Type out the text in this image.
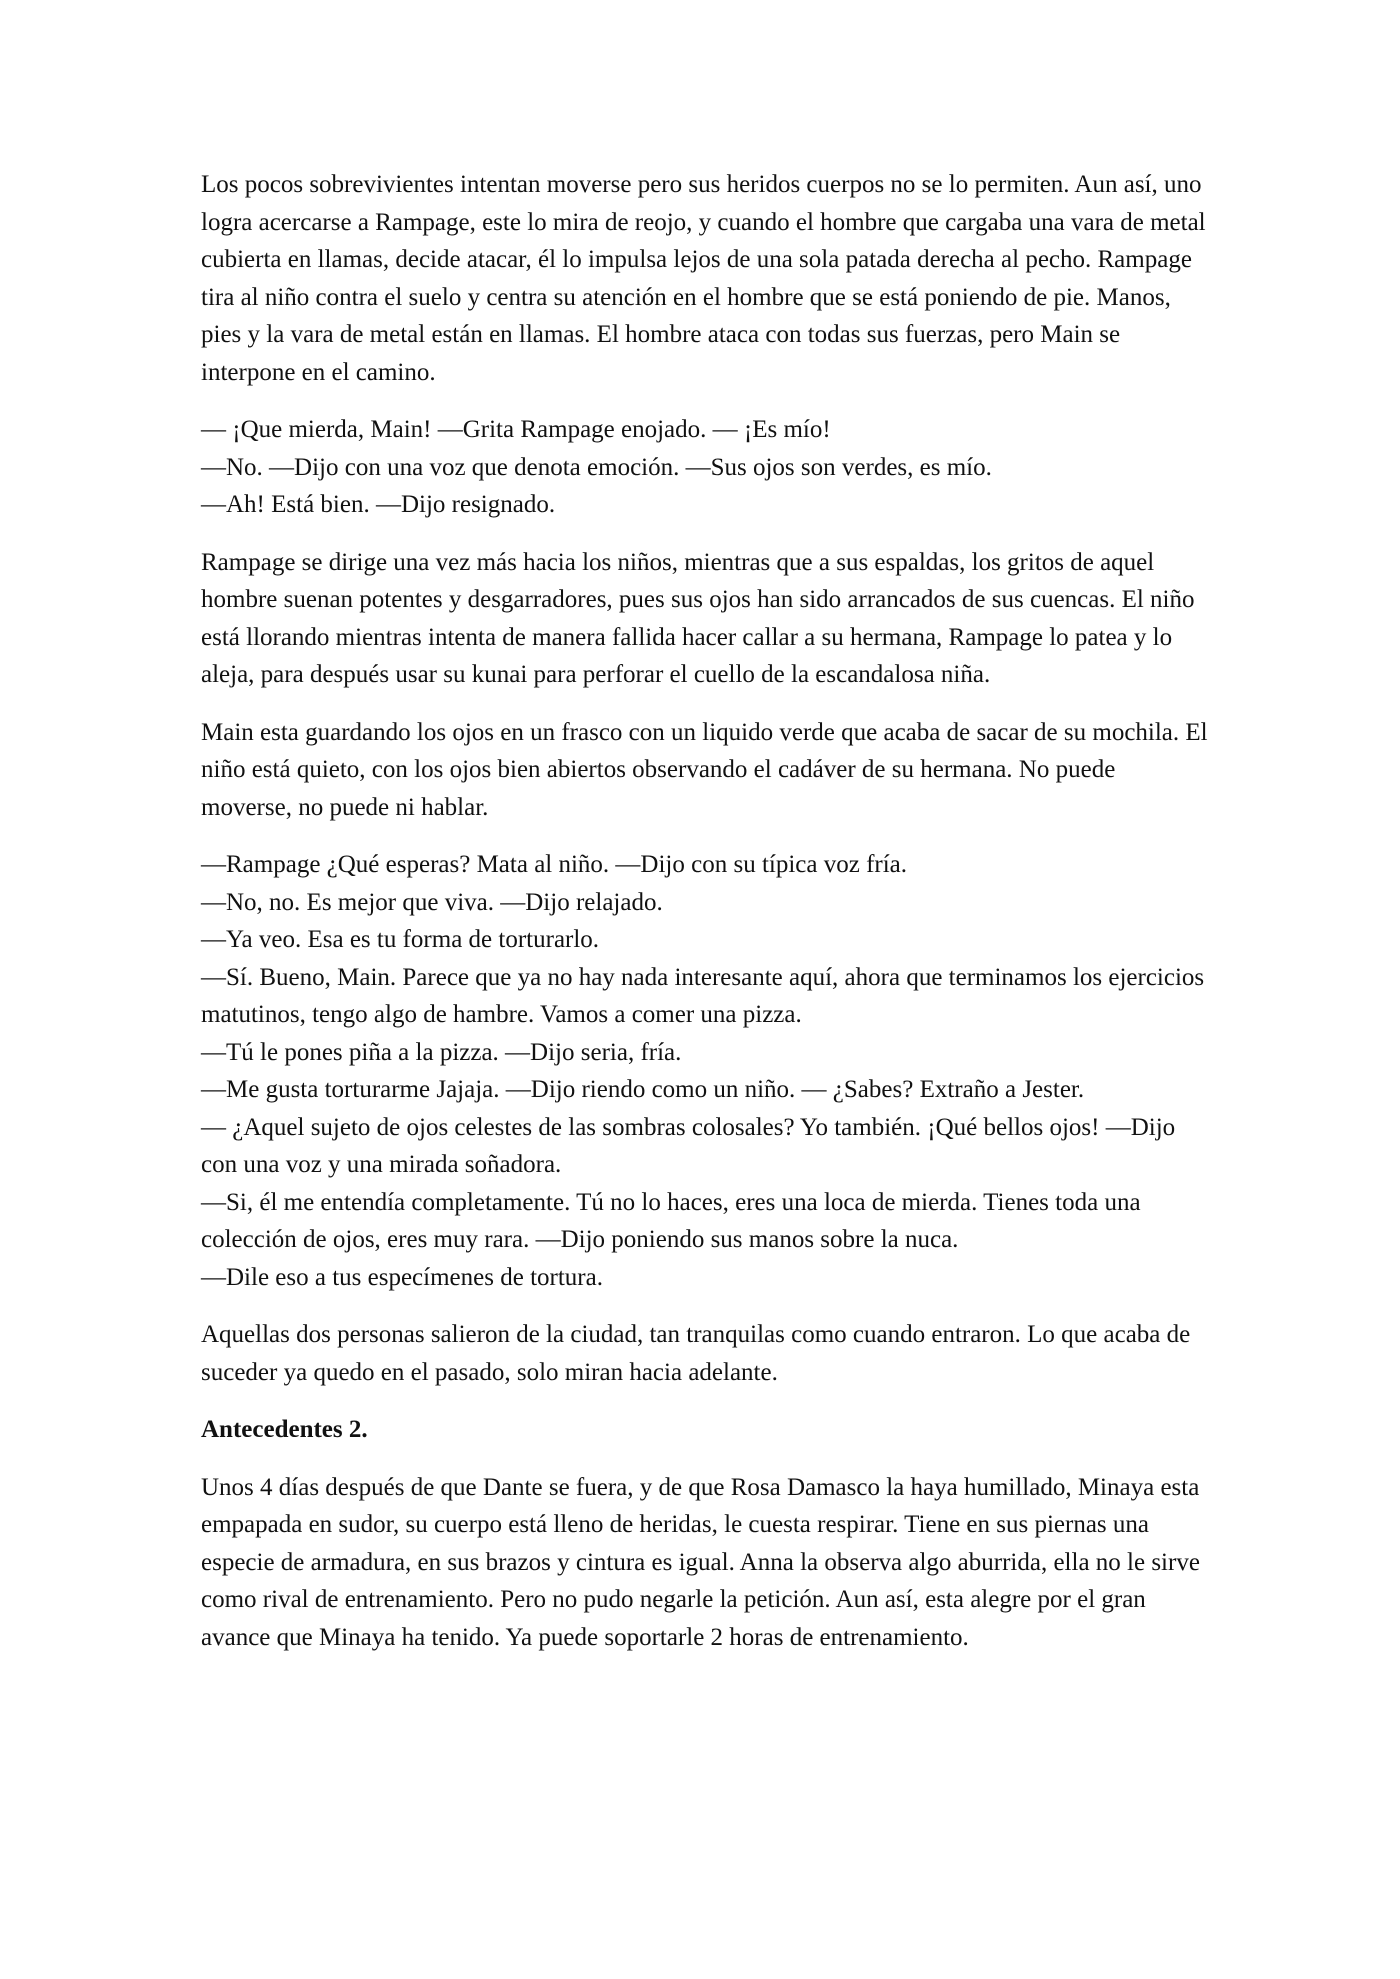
Los pocos sobrevivientes intentan moverse pero sus heridos cuerpos no se lo permiten. Aun así, uno logra acercarse a Rampage, este lo mira de reojo, y cuando el hombre que cargaba una vara de metal cubierta en llamas, decide atacar, él lo impulsa lejos de una sola patada derecha al pecho. Rampage tira al niño contra el suelo y centra su atención en el hombre que se está poniendo de pie. Manos, pies y la vara de metal están en llamas. El hombre ataca con todas sus fuerzas, pero Main se interpone en el camino.

— ¡Que mierda, Main! —Grita Rampage enojado. — ¡Es mío!
—No. —Dijo con una voz que denota emoción. —Sus ojos son verdes, es mío.
—Ah! Está bien. —Dijo resignado.

Rampage se dirige una vez más hacia los niños, mientras que a sus espaldas, los gritos de aquel hombre suenan potentes y desgarradores, pues sus ojos han sido arrancados de sus cuencas. El niño está llorando mientras intenta de manera fallida hacer callar a su hermana, Rampage lo patea y lo aleja, para después usar su kunai para perforar el cuello de la escandalosa niña.

Main esta guardando los ojos en un frasco con un liquido verde que acaba de sacar de su mochila. El niño está quieto, con los ojos bien abiertos observando el cadáver de su hermana. No puede moverse, no puede ni hablar.

—Rampage ¿Qué esperas? Mata al niño. —Dijo con su típica voz fría.
—No, no. Es mejor que viva. —Dijo relajado.
—Ya veo. Esa es tu forma de torturarlo.
—Sí. Bueno, Main. Parece que ya no hay nada interesante aquí, ahora que terminamos los ejercicios matutinos, tengo algo de hambre. Vamos a comer una pizza.
—Tú le pones piña a la pizza. —Dijo seria, fría.
—Me gusta torturarme Jajaja. —Dijo riendo como un niño. — ¿Sabes? Extraño a Jester.
— ¿Aquel sujeto de ojos celestes de las sombras colosales? Yo también. ¡Qué bellos ojos! —Dijo con una voz y una mirada soñadora.
—Si, él me entendía completamente. Tú no lo haces, eres una loca de mierda. Tienes toda una colección de ojos, eres muy rara. —Dijo poniendo sus manos sobre la nuca.
—Dile eso a tus especímenes de tortura.

Aquellas dos personas salieron de la ciudad, tan tranquilas como cuando entraron. Lo que acaba de suceder ya quedo en el pasado, solo miran hacia adelante.

Antecedentes 2.

Unos 4 días después de que Dante se fuera, y de que Rosa Damasco la haya humillado, Minaya esta empapada en sudor, su cuerpo está lleno de heridas, le cuesta respirar. Tiene en sus piernas una especie de armadura, en sus brazos y cintura es igual. Anna la observa algo aburrida, ella no le sirve como rival de entrenamiento. Pero no pudo negarle la petición. Aun así, esta alegre por el gran avance que Minaya ha tenido. Ya puede soportarle 2 horas de entrenamiento.
